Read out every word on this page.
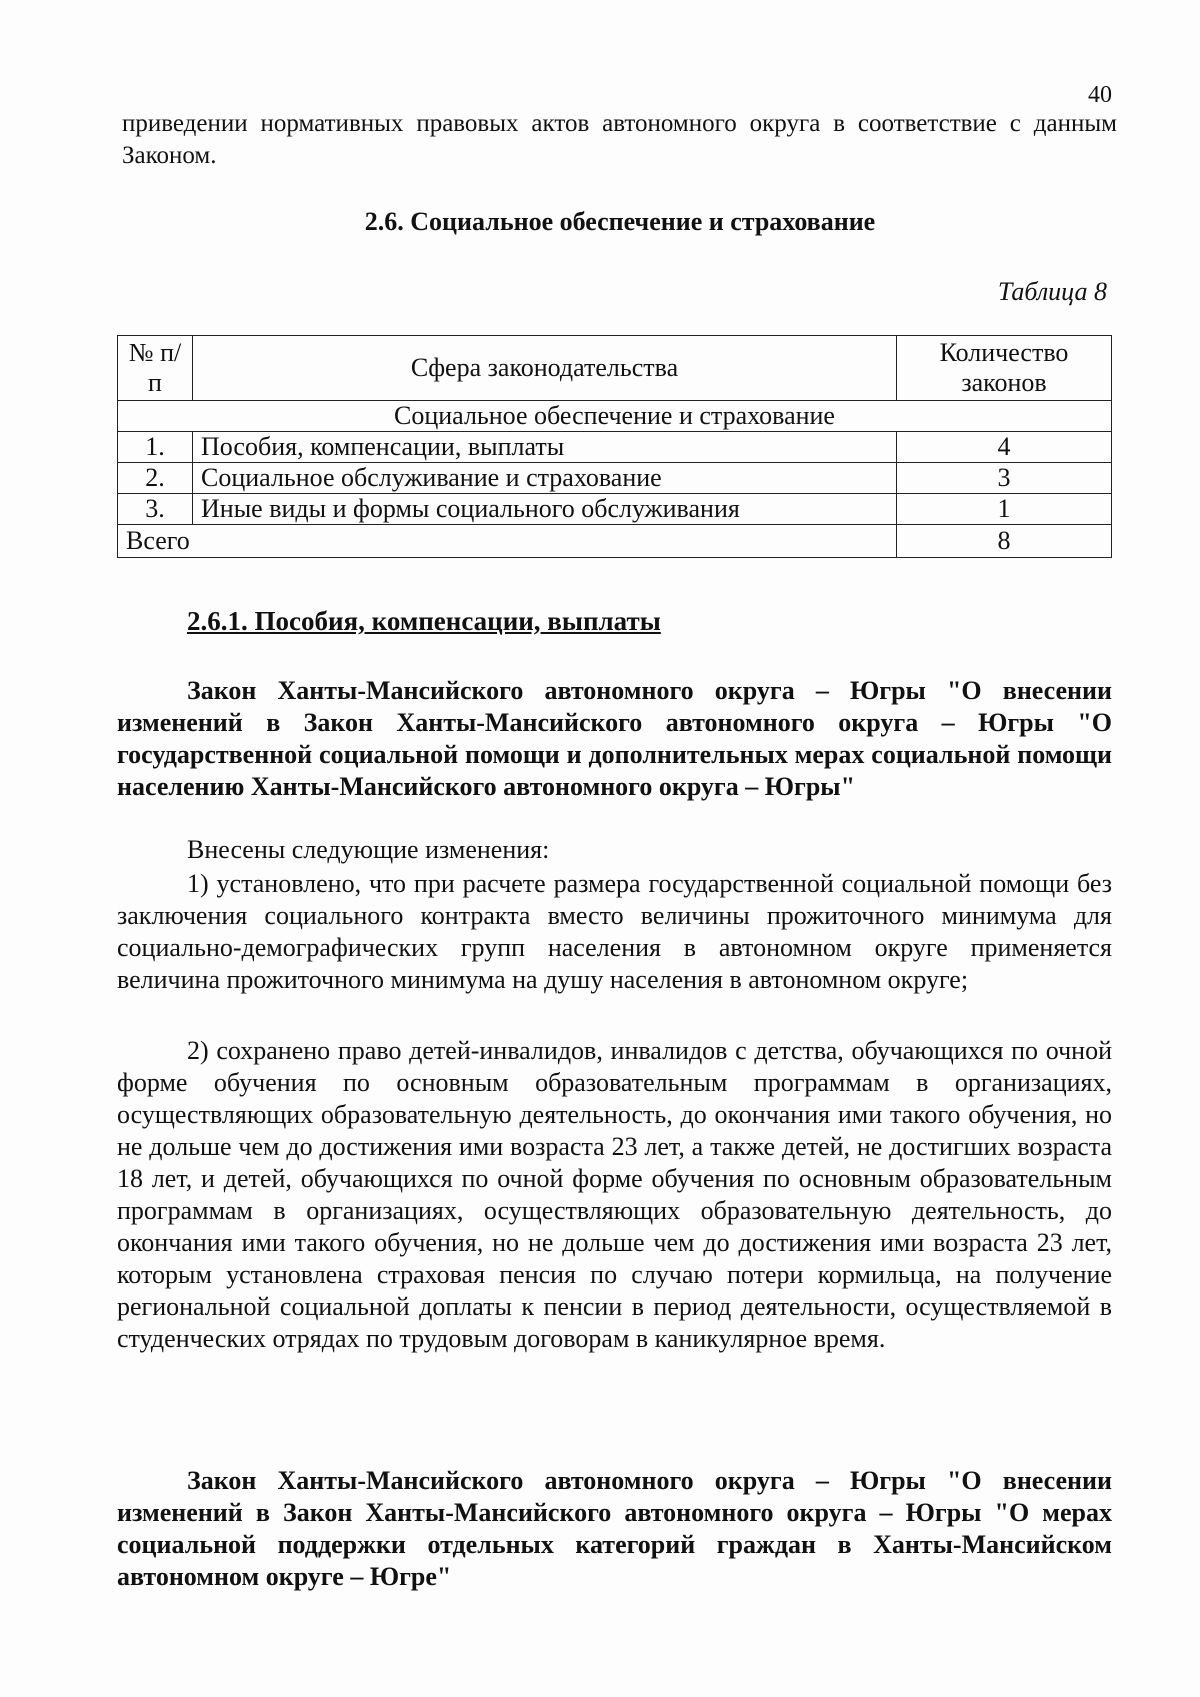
40

приведении нормативных правовых актов автономного округа в соответствие с данным Законом.

2.6. Социальное обеспечение и страхование
Таблица 8
№ п/п	Сфера законодательства	Количество законов
Социальное обеспечение и страхование		
1.	Пособия, компенсации, выплаты	4
2.	Социальное обслуживание и страхование	3
3.	Иные виды и формы социального обслуживания	1
Всего		8
2.6.1. Пособия, компенсации, выплаты

Закон Ханты-Мансийского автономного округа – Югры "О внесении изменений в Закон Ханты-Мансийского автономного округа – Югры "О государственной социальной помощи и дополнительных мерах социальной помощи населению Ханты-Мансийского автономного округа – Югры"

Внесены следующие изменения:

1) установлено, что при расчете размера государственной социальной помощи без заключения социального контракта вместо величины прожиточного минимума для социально-демографических групп населения в автономном округе применяется величина прожиточного минимума на душу населения в автономном округе;

2) сохранено право детей-инвалидов, инвалидов с детства, обучающихся по очной форме обучения по основным образовательным программам в организациях, осуществляющих образовательную деятельность, до окончания ими такого обучения, но не дольше чем до достижения ими возраста 23 лет, а также детей, не достигших возраста 18 лет, и детей, обучающихся по очной форме обучения по основным образовательным программам в организациях, осуществляющих образовательную деятельность, до окончания ими такого обучения, но не дольше чем до достижения ими возраста 23 лет, которым установлена страховая пенсия по случаю потери кормильца, на получение региональной социальной доплаты к пенсии в период деятельности, осуществляемой в студенческих отрядах по трудовым договорам в каникулярное время.

Закон Ханты-Мансийского автономного округа – Югры "О внесении изменений в Закон Ханты-Мансийского автономного округа – Югры "О мерах социальной поддержки отдельных категорий граждан в Ханты-Мансийском автономном округе – Югре"
